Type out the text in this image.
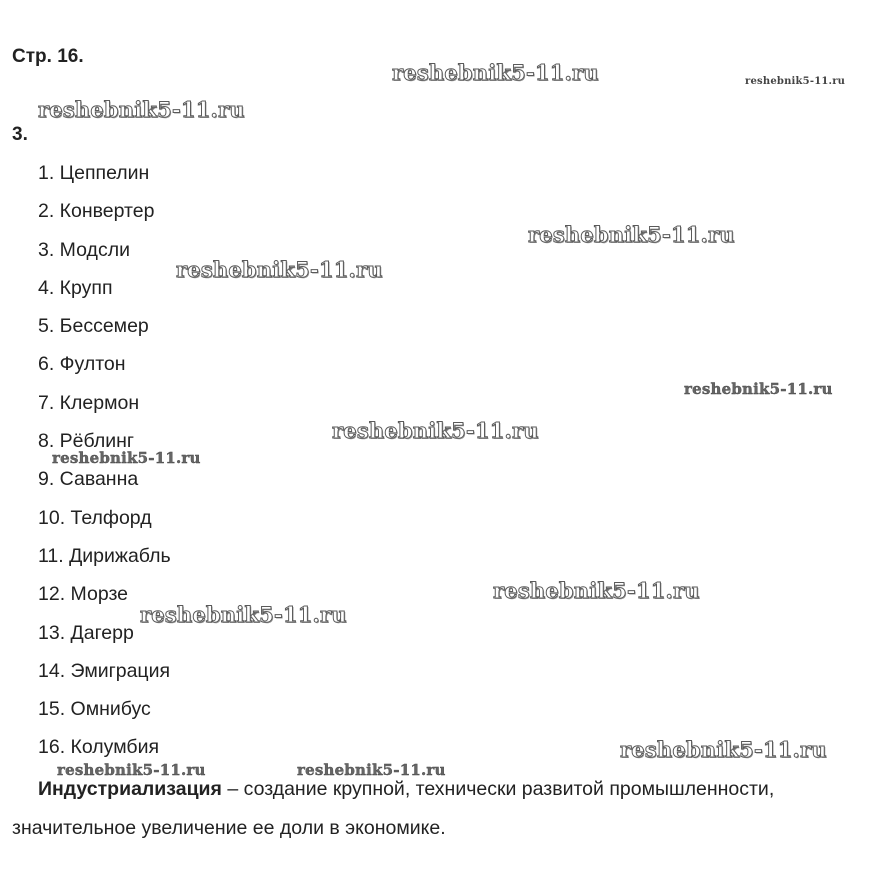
Стр. 16.
3.
1. Цеппелин
2. Конвертер
3. Модсли
4. Крупп
5. Бессемер
6. Фултон
7. Клермон
8. Рёблинг
9. Саванна
10. Телфорд
11. Дирижабль
12. Морзе
13. Дагерр
14. Эмиграция
15. Омнибус
16. Колумбия
Индустриализация – создание крупной, технически развитой промышленности, значительное увеличение ее доли в экономике.
reshebnik5-11.ru	reshebnik5-11.ru
reshebnik5-11.ru
reshebnik5-11.ru
reshebnik5-11.ru
reshebnik5-11.ru
reshebnik5-11.ru
reshebnik5-11.ru
reshebnik5-11.ru
reshebnik5-11.ru
reshebnik5-11.ru
reshebnik5-11.ru	reshebnik5-11.ru
